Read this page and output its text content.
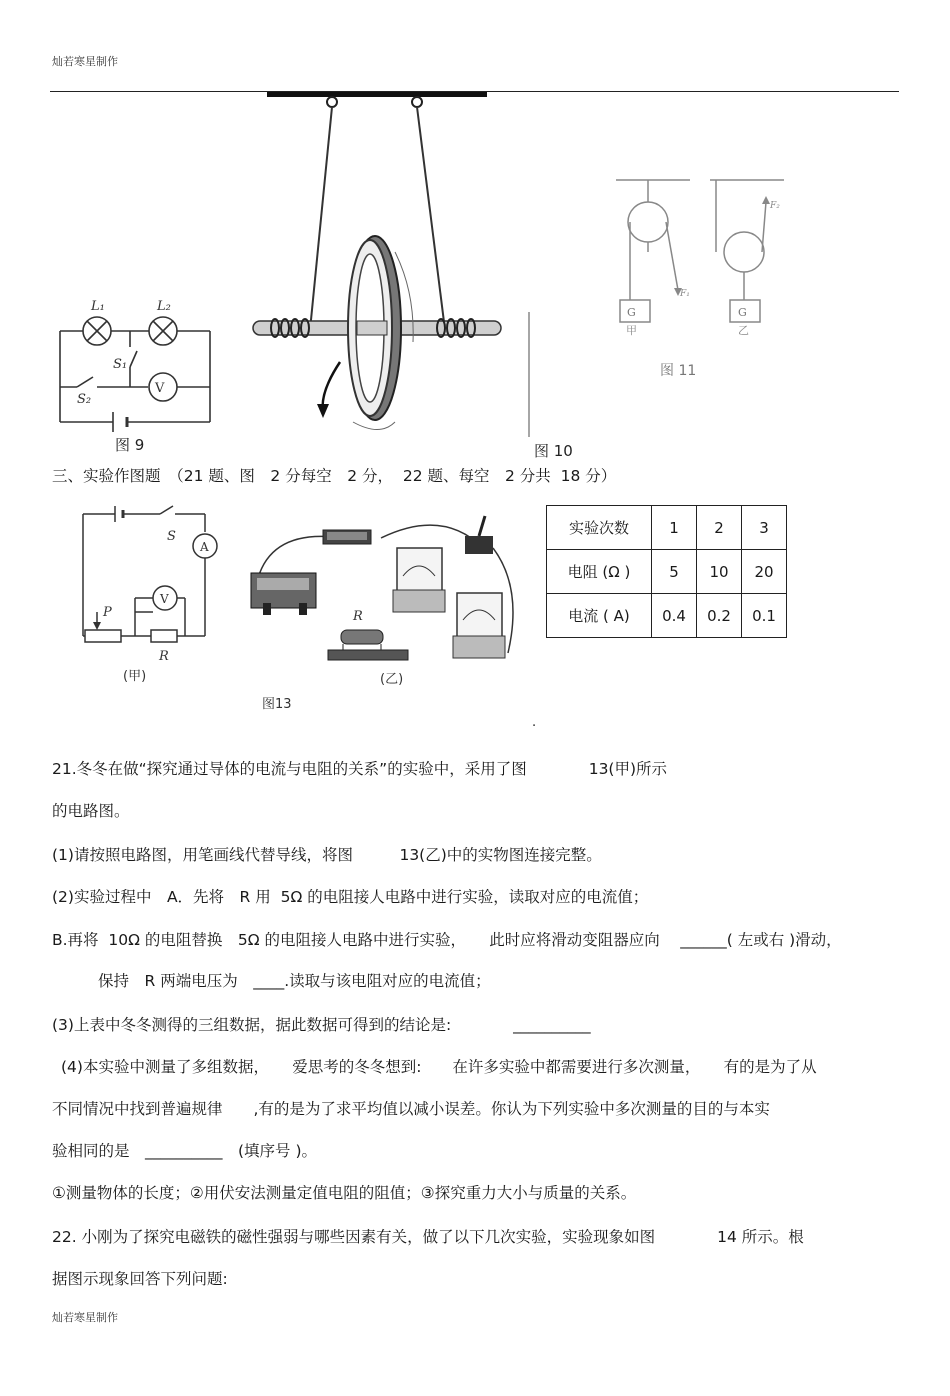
灿若寒星制作
灿若寒星制作
V
L₁	L₂
S₁
S₂
图 9	图 10
G	G
F₁
F₂
甲	乙
图 11
三、实验作图题　（21 题、图　2 分每空　2 分，  22 题、每空　2 分共  18 分）
A
V
S
P
R
(甲)
图13
R
(乙)
实验次数	1	2	3
电阻 (Ω )	5	10	20
电流 ( A)	0.4	0.2	0.1
.
21.冬冬在做“探究通过导体的电流与电阻的关系”的实验中，采用了图　　　　13(甲)所示
的电路图。
(1)请按照电路图，用笔画线代替导线，将图　　　13(乙)中的实物图连接完整。
(2)实验过程中　A．先将　R 用  5Ω 的电阻接人电路中进行实验，读取对应的电流值；
B.再将  10Ω 的电阻替换　5Ω 的电阻接人电路中进行实验，　　此时应将滑动变阻器应向　 ______( 左或右 )滑动，
保持　R 两端电压为　____.读取与该电阻对应的电流值；
(3)上表中冬冬测得的三组数据，据此数据可得到的结论是:　　　　__________
(4)本实验中测量了多组数据，　　爱思考的冬冬想到:　　在许多实验中都需要进行多次测量，　　有的是为了从
不同情况中找到普遍规律　　,有的是为了求平均值以减小误差。你认为下列实验中多次测量的目的与本实
验相同的是　__________　(填序号 )。
①测量物体的长度；②用伏安法测量定值电阻的阻值；③探究重力大小与质量的关系。
22. 小刚为了探究电磁铁的磁性强弱与哪些因素有关，做了以下几次实验，实验现象如图　　　　14 所示。根
据图示现象回答下列问题:
